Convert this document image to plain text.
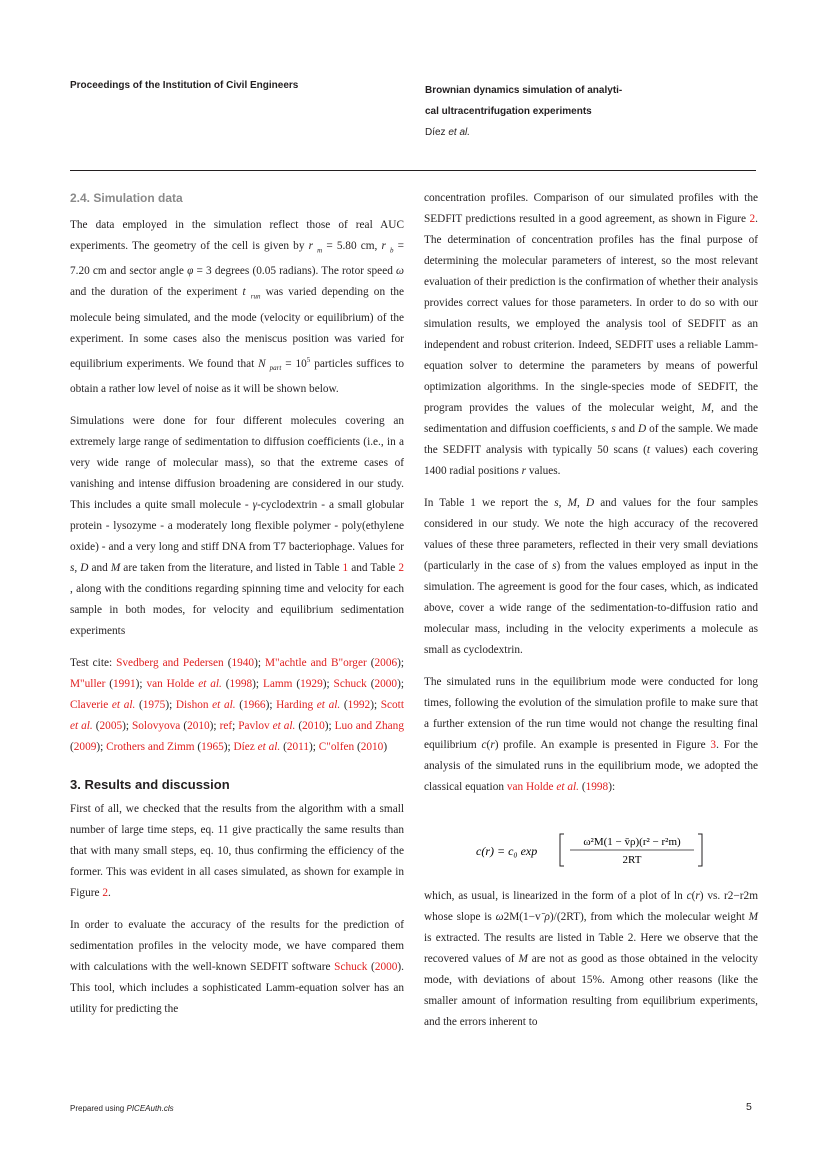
Proceedings of the Institution of Civil Engineers	Brownian dynamics simulation of analyti-
cal ultracentrifugation experiments
Díez et al.
2.4. Simulation data

The data employed in the simulation reflect those of real AUC experiments. The geometry of the cell is given by r $_m$ = 5.80 cm, r $_b$ = 7.20 cm and sector angle φ = 3 degrees (0.05 radians). The rotor speed ω and the duration of the experiment t $_{run}$ was varied depending on the molecule being simulated, and the mode (velocity or equilibrium) of the experiment. In some cases also the meniscus position was varied for equilibrium experiments. We found that N $_{part} = 10^5$ particles suffices to obtain a rather low level of noise as it will be shown below.

Simulations were done for four different molecules covering an extremely large range of sedimentation to diffusion coefficients (i.e., in a very wide range of molecular mass), so that the extreme cases of vanishing and intense diffusion broadening are considered in our study. This includes a quite small molecule - γ-cyclodextrin - a small globular protein - lysozyme - a moderately long flexible polymer - poly(ethylene oxide) - and a very long and stiff DNA from T7 bacteriophage. Values for s, D and M are taken from the literature, and listed in Table 1 and Table 2 , along with the conditions regarding spinning time and velocity for each sample in both modes, for velocity and equilibrium sedimentation experiments

Test cite: Svedberg and Pedersen (1940); M"achtle and B"orger (2006); M"uller (1991); van Holde et al. (1998); Lamm (1929); Schuck (2000); Claverie et al. (1975); Dishon et al. (1966); Harding et al. (1992); Scott et al. (2005); Solovyova (2010); ref; Pavlov et al. (2010); Luo and Zhang (2009); Crothers and Zimm (1965); Díez et al. (2011); C"olfen (2010)

3. Results and discussion

First of all, we checked that the results from the algorithm with a small number of large time steps, eq. 11 give practically the same results than that with many small steps, eq. 10, thus confirming the efficiency of the former. This was evident in all cases simulated, as shown for example in Figure 2.

In order to evaluate the accuracy of the results for the prediction of sedimentation profiles in the velocity mode, we have compared them with calculations with the well-known SEDFIT software Schuck (2000). This tool, which includes a sophisticated Lamm-equation solver has an utility for predicting the

concentration profiles. Comparison of our simulated profiles with the SEDFIT predictions resulted in a good agreement, as shown in Figure 2. The determination of concentration profiles has the final purpose of determining the molecular parameters of interest, so the most relevant evaluation of their prediction is the confirmation of whether their analysis provides correct values for those parameters. In order to do so with our simulation results, we employed the analysis tool of SEDFIT as an independent and robust criterion. Indeed, SEDFIT uses a reliable Lamm-equation solver to determine the parameters by means of powerful optimization algorithms. In the single-species mode of SEDFIT, the program provides the values of the molecular weight, M, and the sedimentation and diffusion coefficients, s and D of the sample. We made the SEDFIT analysis with typically 50 scans (t values) each covering 1400 radial positions r values.

In Table 1 we report the s, M, D and values for the four samples considered in our study. We note the high accuracy of the recovered values of these three parameters, reflected in their very small deviations (particularly in the case of s) from the values employed as input in the simulation. The agreement is good for the four cases, which, as indicated above, cover a wide range of the sedimentation-to-diffusion ratio and molecular mass, including in the velocity experiments a molecule as small as cyclodextrin.

The simulated runs in the equilibrium mode were conducted for long times, following the evolution of the simulation profile to make sure that a further extension of the run time would not change the resulting final equilibrium c(r) profile. An example is presented in Figure 3. For the analysis of the simulated runs in the equilibrium mode, we adopted the classical equation van Holde et al. (1998):

c(r) = c₀ exp
ω²M(1 − v̄ρ)(r² − r²m)
2RT

which, as usual, is linearized in the form of a plot of ln c(r) vs. r2−r2m whose slope is ω2M(1−v ̄ρ)/(2RT), from which the molecular weight M is extracted. The results are listed in Table 2. Here we observe that the recovered values of M are not as good as those obtained in the velocity mode, with deviations of about 15%. Among other reasons (like the smaller amount of information resulting from equilibrium experiments, and the errors inherent to

Prepared using PICEAuth.cls	5
